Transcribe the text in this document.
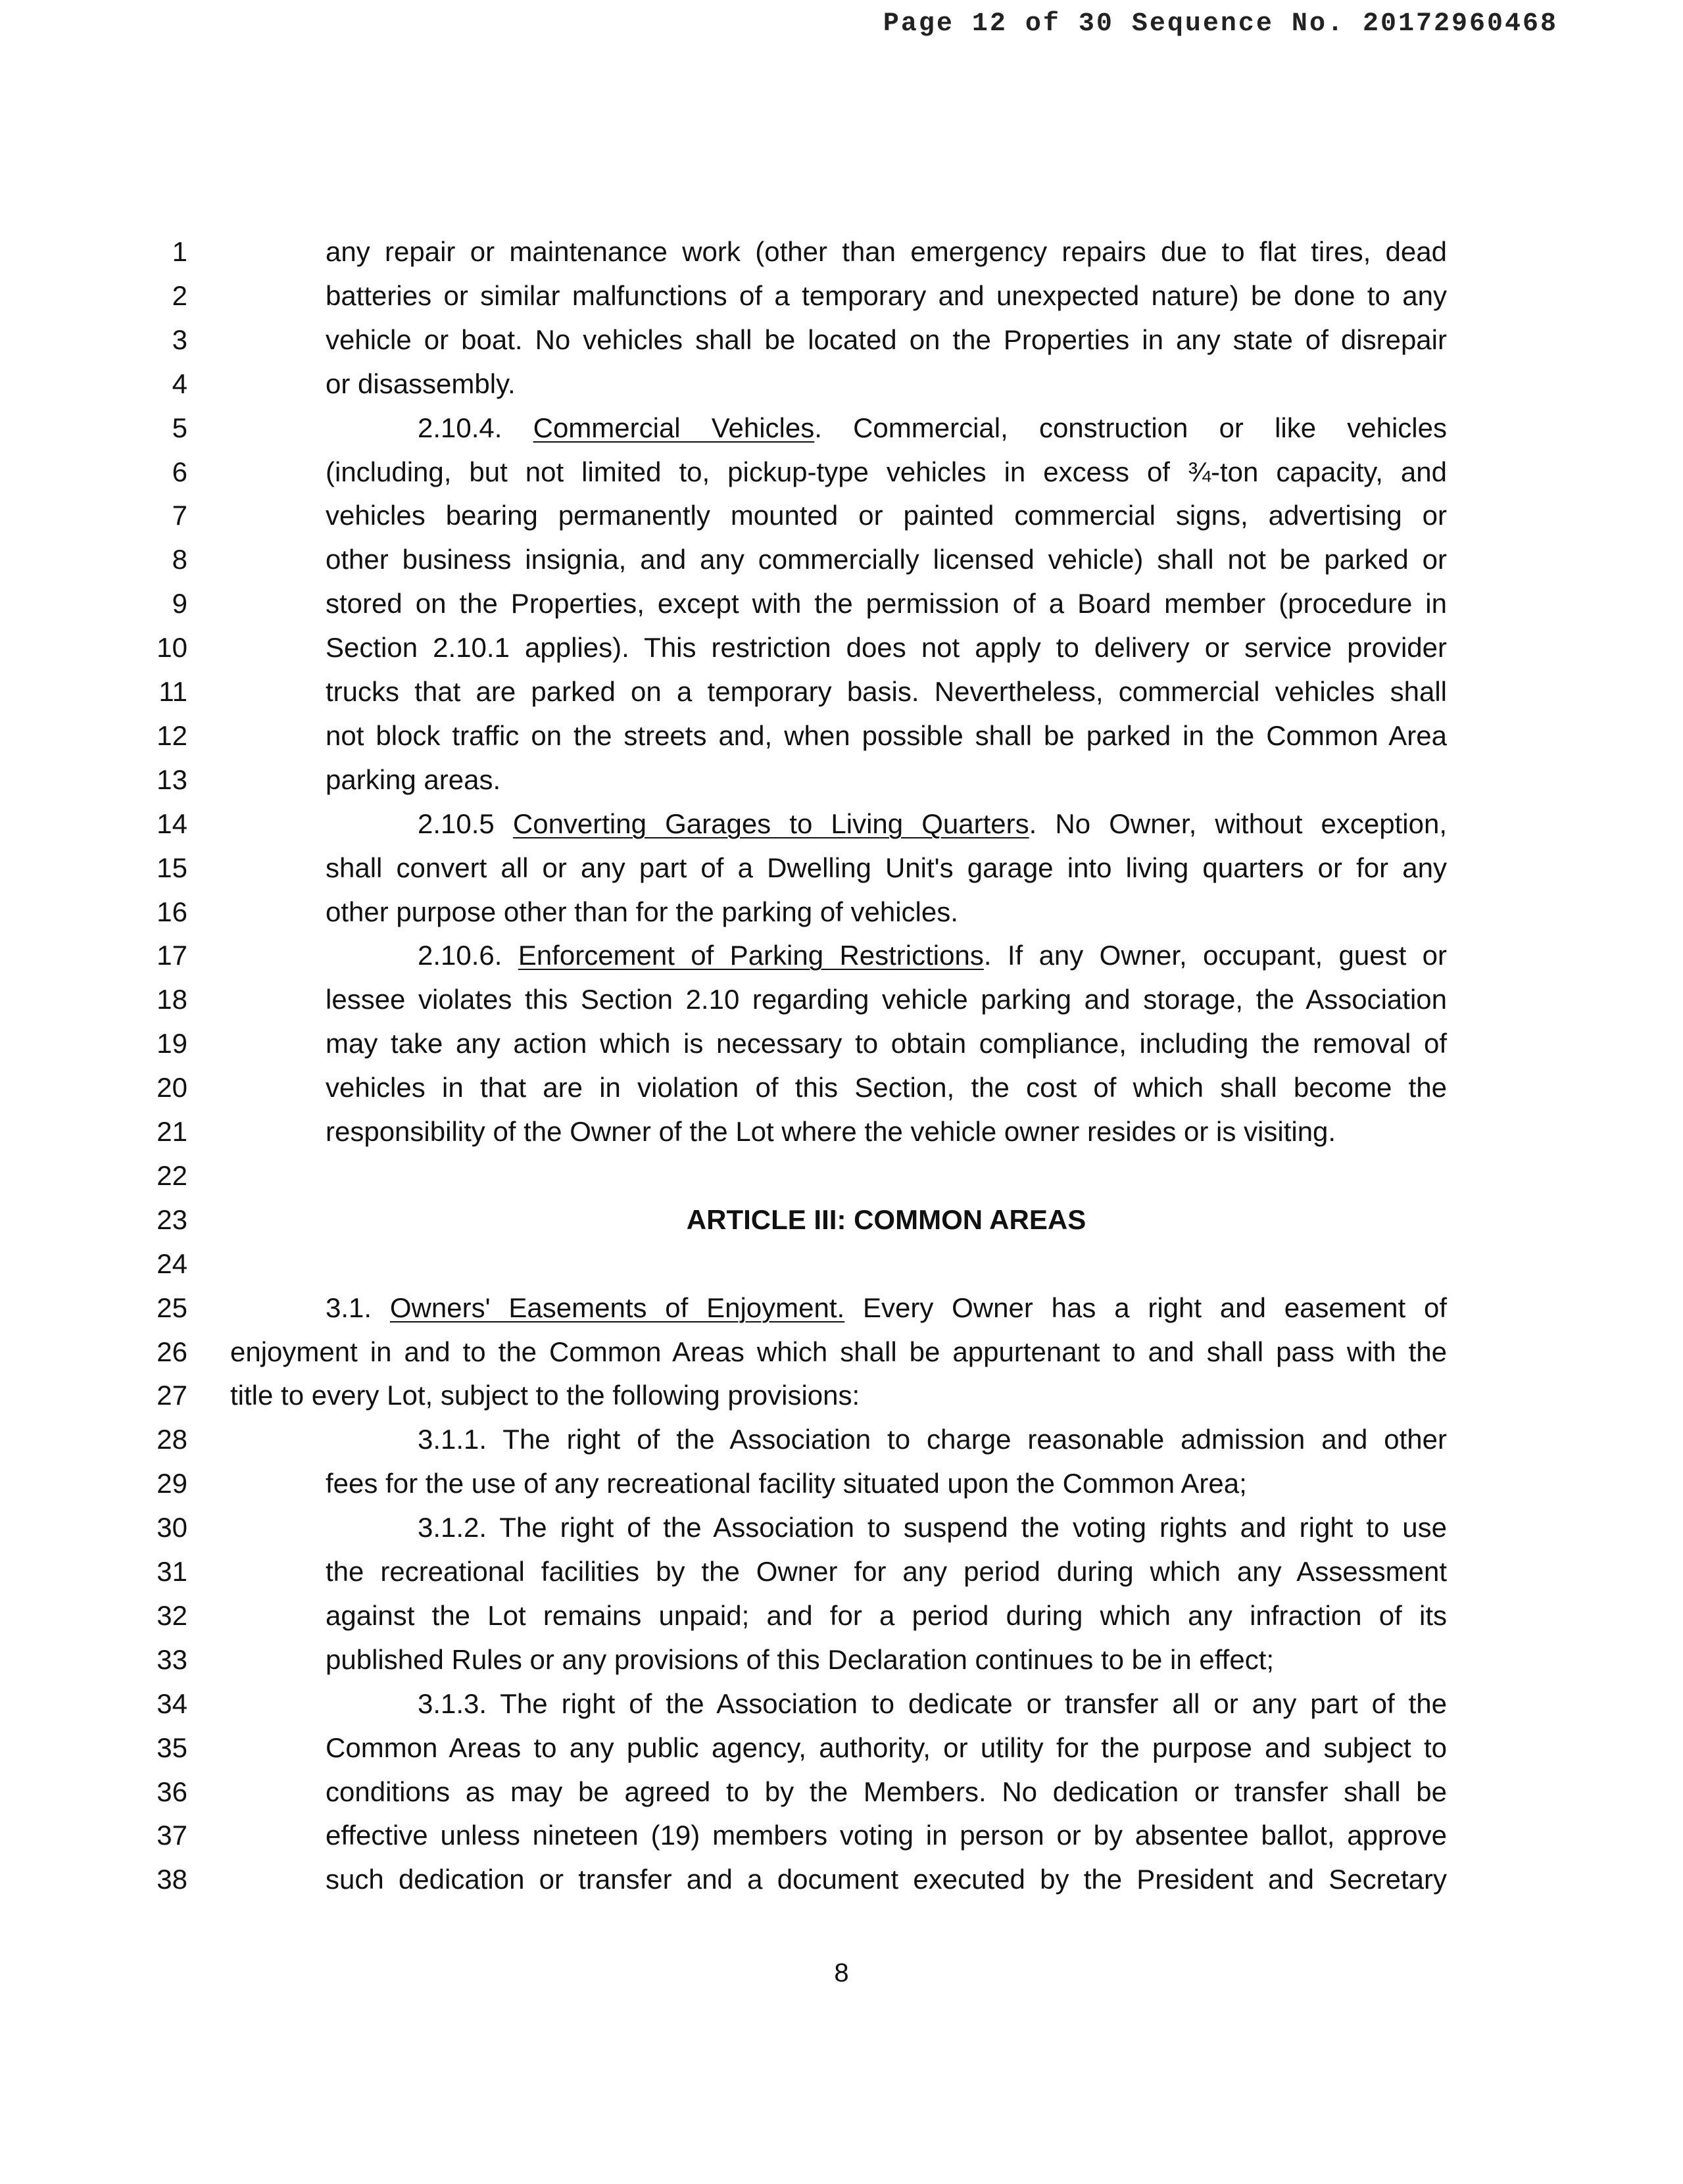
Page 12 of 30 Sequence No. 20172960468
1	any repair or maintenance work (other than emergency repairs due to flat tires, dead
2	batteries or similar malfunctions of a temporary and unexpected nature) be done to any
3	vehicle or boat. No vehicles shall be located on the Properties in any state of disrepair
4	or disassembly.
5	2.10.4. Commercial Vehicles. Commercial, construction or like vehicles
6	(including, but not limited to, pickup-type vehicles in excess of ¾-ton capacity, and
7	vehicles bearing permanently mounted or painted commercial signs, advertising or
8	other business insignia, and any commercially licensed vehicle) shall not be parked or
9	stored on the Properties, except with the permission of a Board member (procedure in
10	Section 2.10.1 applies). This restriction does not apply to delivery or service provider
11	trucks that are parked on a temporary basis. Nevertheless, commercial vehicles shall
12	not block traffic on the streets and, when possible shall be parked in the Common Area
13	parking areas.
14	2.10.5 Converting Garages to Living Quarters. No Owner, without exception,
15	shall convert all or any part of a Dwelling Unit's garage into living quarters or for any
16	other purpose other than for the parking of vehicles.
17	2.10.6. Enforcement of Parking Restrictions. If any Owner, occupant, guest or
18	lessee violates this Section 2.10 regarding vehicle parking and storage, the Association
19	may take any action which is necessary to obtain compliance, including the removal of
20	vehicles in that are in violation of this Section, the cost of which shall become the
21	responsibility of the Owner of the Lot where the vehicle owner resides or is visiting.
22
23	ARTICLE III: COMMON AREAS
24
25	3.1. Owners' Easements of Enjoyment. Every Owner has a right and easement of
26 enjoyment in and to the Common Areas which shall be appurtenant to and shall pass with the
27 title to every Lot, subject to the following provisions:
28	3.1.1. The right of the Association to charge reasonable admission and other
29	fees for the use of any recreational facility situated upon the Common Area;
30	3.1.2. The right of the Association to suspend the voting rights and right to use
31	the recreational facilities by the Owner for any period during which any Assessment
32	against the Lot remains unpaid; and for a period during which any infraction of its
33	published Rules or any provisions of this Declaration continues to be in effect;
34	3.1.3. The right of the Association to dedicate or transfer all or any part of the
35	Common Areas to any public agency, authority, or utility for the purpose and subject to
36	conditions as may be agreed to by the Members. No dedication or transfer shall be
37	effective unless nineteen (19) members voting in person or by absentee ballot, approve
38	such dedication or transfer and a document executed by the President and Secretary
8
